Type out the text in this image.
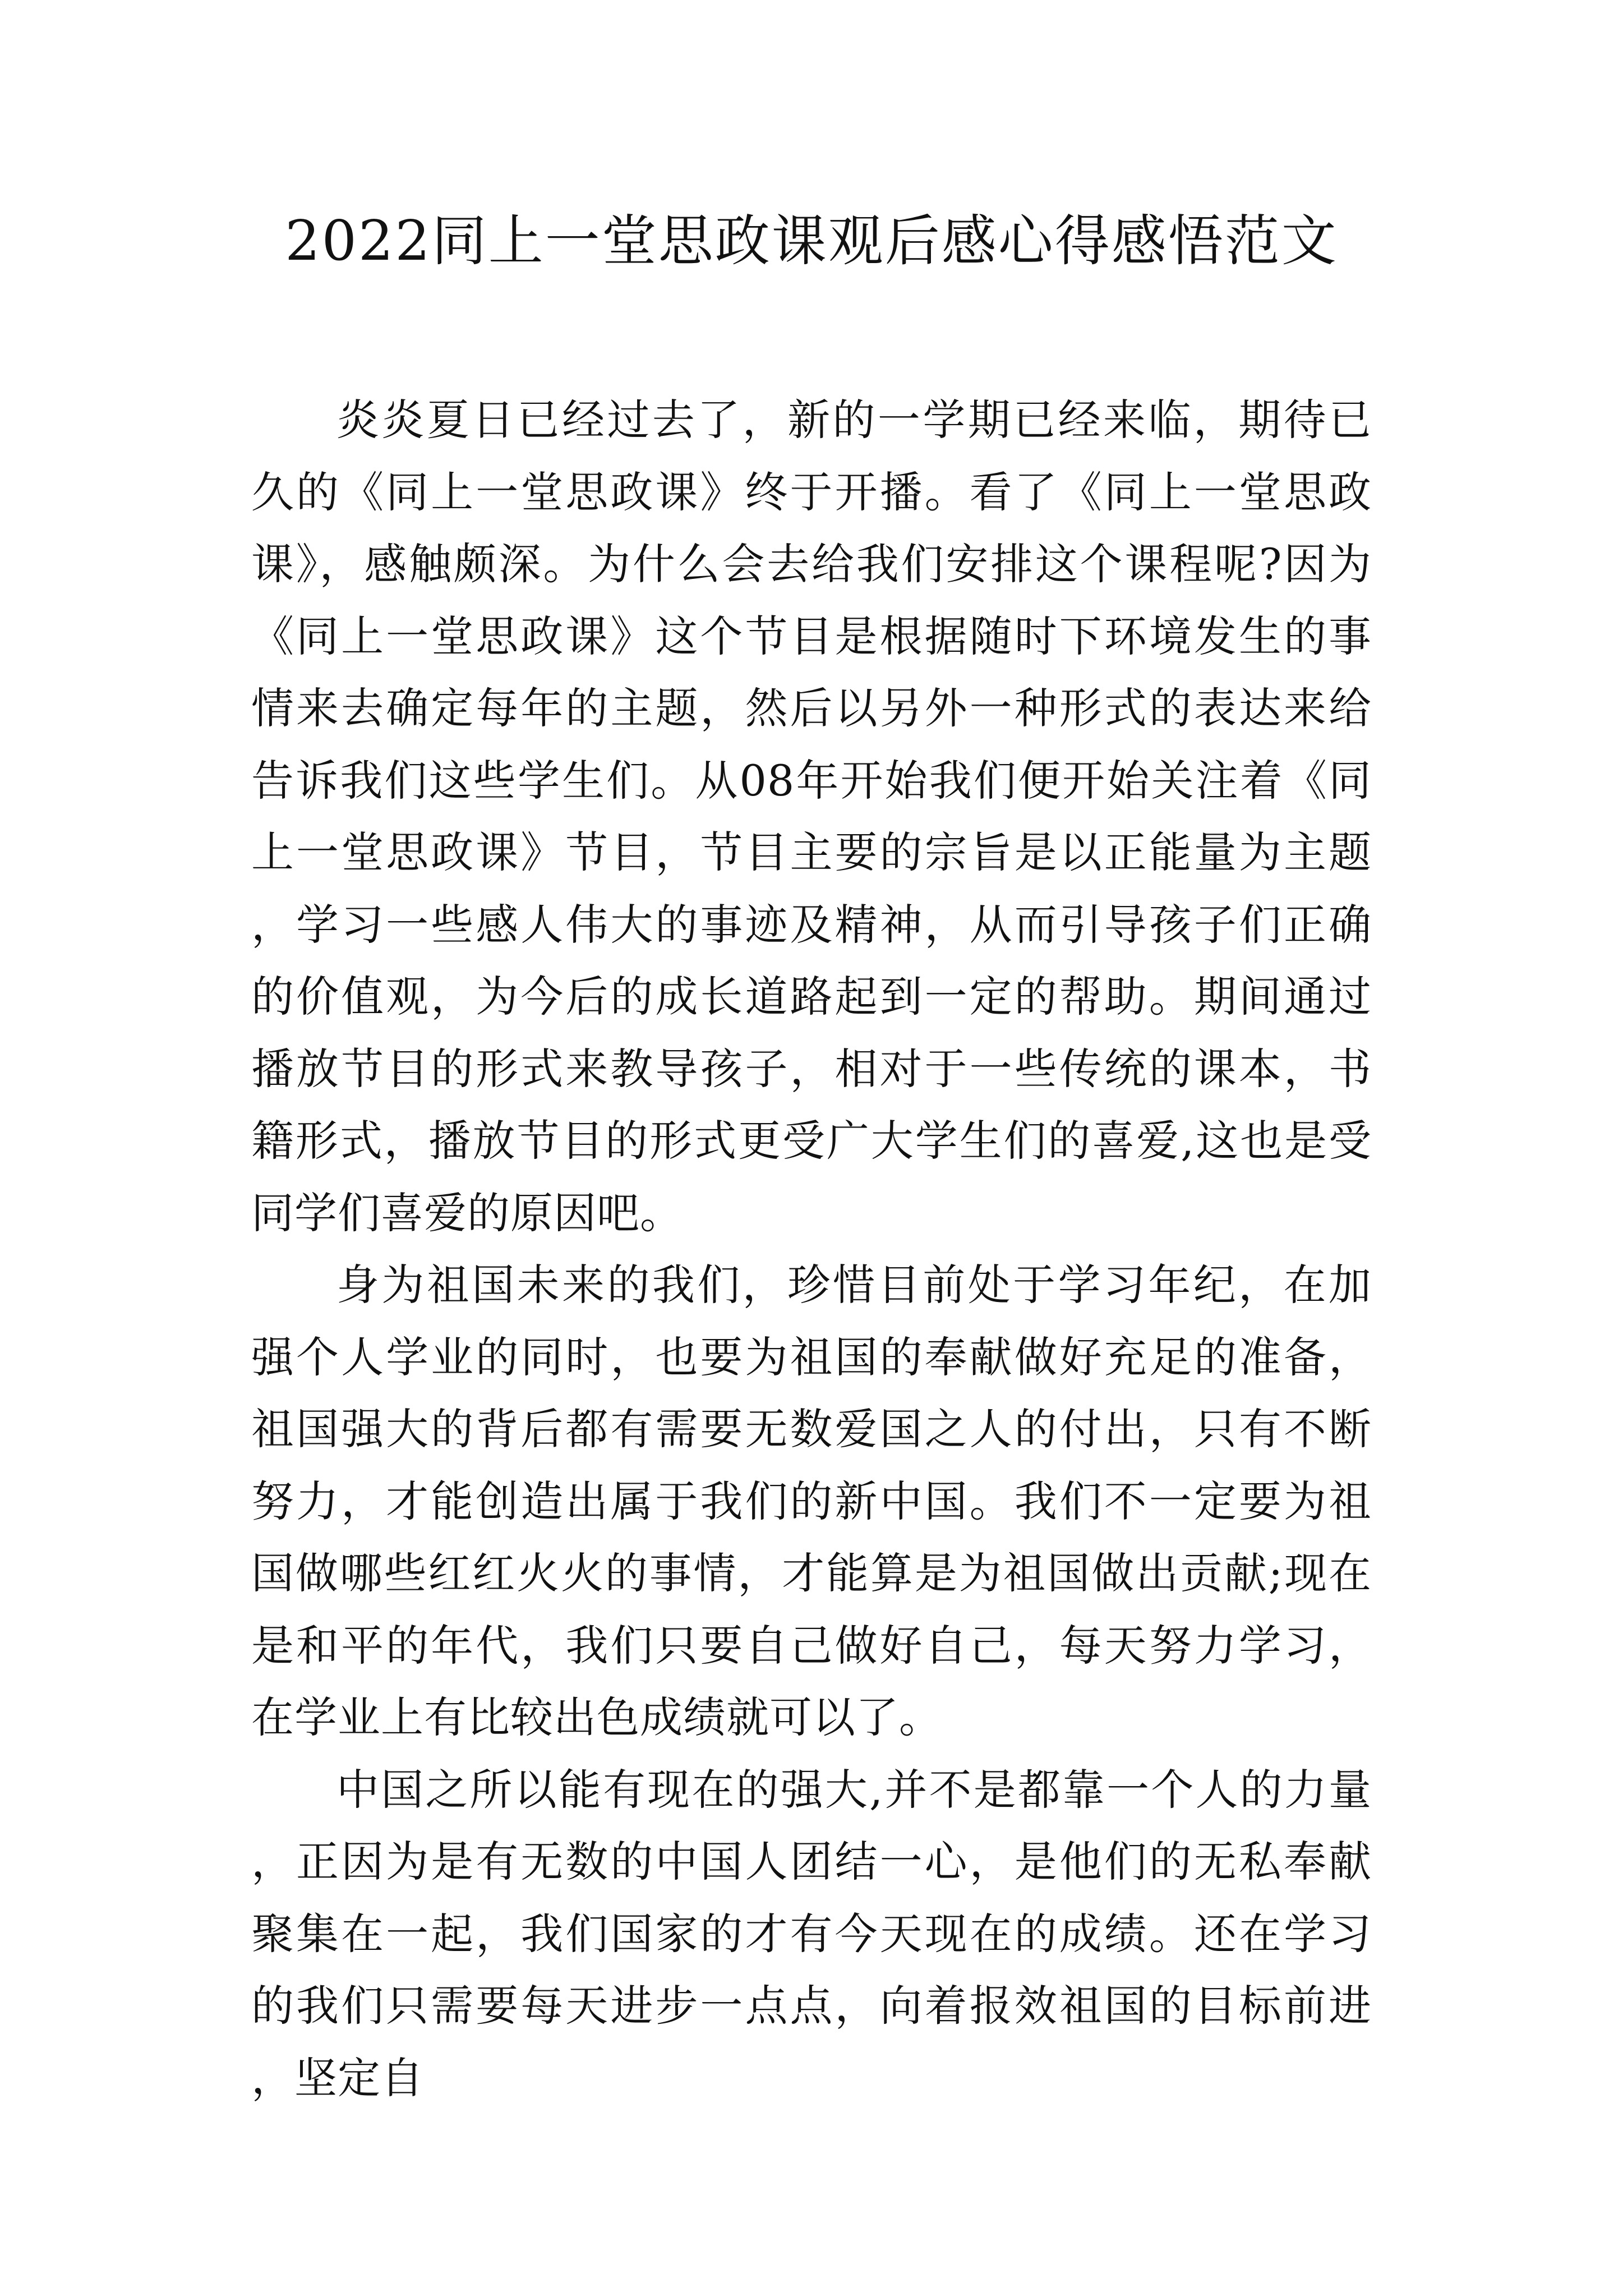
2022同上一堂思政课观后感心得感悟范文

炎炎夏日已经过去了，新的一学期已经来临，期待已久的《同上一堂思政课》终于开播。看了《同上一堂思政课》，感触颇深。为什么会去给我们安排这个课程呢?因为《同上一堂思政课》这个节目是根据随时下环境发生的事情来去确定每年的主题，然后以另外一种形式的表达来给告诉我们这些学生们。从08年开始我们便开始关注着《同上一堂思政课》节目，节目主要的宗旨是以正能量为主题，学习一些感人伟大的事迹及精神，从而引导孩子们正确的价值观，为今后的成长道路起到一定的帮助。期间通过播放节目的形式来教导孩子，相对于一些传统的课本，书籍形式，播放节目的形式更受广大学生们的喜爱,这也是受同学们喜爱的原因吧。

身为祖国未来的我们，珍惜目前处于学习年纪，在加强个人学业的同时，也要为祖国的奉献做好充足的准备，祖国强大的背后都有需要无数爱国之人的付出，只有不断努力，才能创造出属于我们的新中国。我们不一定要为祖国做哪些红红火火的事情，才能算是为祖国做出贡献;现在是和平的年代，我们只要自己做好自己，每天努力学习，在学业上有比较出色成绩就可以了。

中国之所以能有现在的强大,并不是都靠一个人的力量，正因为是有无数的中国人团结一心，是他们的无私奉献聚集在一起，我们国家的才有今天现在的成绩。还在学习的我们只需要每天进步一点点，向着报效祖国的目标前进，坚定自
